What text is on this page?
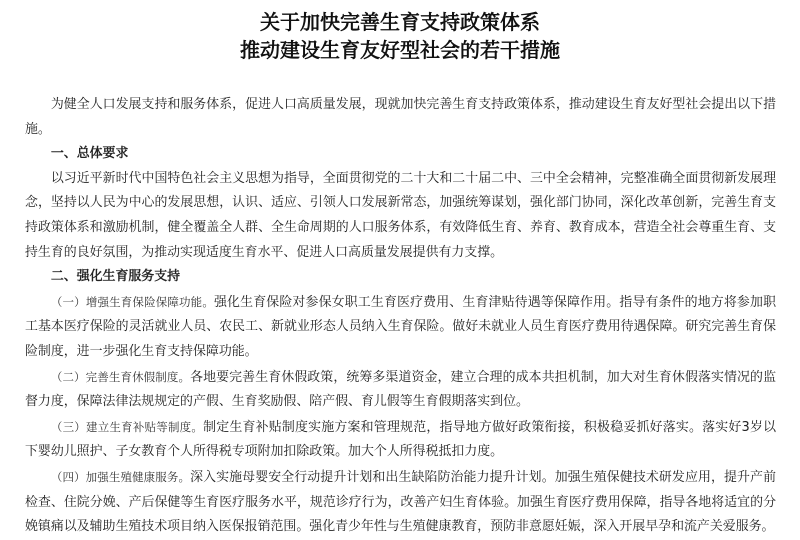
关于加快完善生育支持政策体系
推动建设生育友好型社会的若干措施

为健全人口发展支持和服务体系，促进人口高质量发展，现就加快完善生育支持政策体系，推动建设生育友好型社会提出以下措施。

一、总体要求

以习近平新时代中国特色社会主义思想为指导，全面贯彻党的二十大和二十届二中、三中全会精神，完整准确全面贯彻新发展理念，坚持以人民为中心的发展思想，认识、适应、引领人口发展新常态，加强统筹谋划，强化部门协同，深化改革创新，完善生育支持政策体系和激励机制，健全覆盖全人群、全生命周期的人口服务体系，有效降低生育、养育、教育成本，营造全社会尊重生育、支持生育的良好氛围，为推动实现适度生育水平、促进人口高质量发展提供有力支撑。

二、强化生育服务支持

（一）增强生育保险保障功能。强化生育保险对参保女职工生育医疗费用、生育津贴待遇等保障作用。指导有条件的地方将参加职工基本医疗保险的灵活就业人员、农民工、新就业形态人员纳入生育保险。做好未就业人员生育医疗费用待遇保障。研究完善生育保险制度，进一步强化生育支持保障功能。

（二）完善生育休假制度。各地要完善生育休假政策，统筹多渠道资金，建立合理的成本共担机制，加大对生育休假落实情况的监督力度，保障法律法规规定的产假、生育奖励假、陪产假、育儿假等生育假期落实到位。

（三）建立生育补贴等制度。制定生育补贴制度实施方案和管理规范，指导地方做好政策衔接，积极稳妥抓好落实。落实好3岁以下婴幼儿照护、子女教育个人所得税专项附加扣除政策。加大个人所得税抵扣力度。

（四）加强生殖健康服务。深入实施母婴安全行动提升计划和出生缺陷防治能力提升计划。加强生殖保健技术研发应用，提升产前检查、住院分娩、产后保健等生育医疗服务水平，规范诊疗行为，改善产妇生育体验。加强生育医疗费用保障，指导各地将适宜的分娩镇痛以及辅助生殖技术项目纳入医保报销范围。强化青少年性与生殖健康教育，预防非意愿妊娠，深入开展早孕和流产关爱服务。
